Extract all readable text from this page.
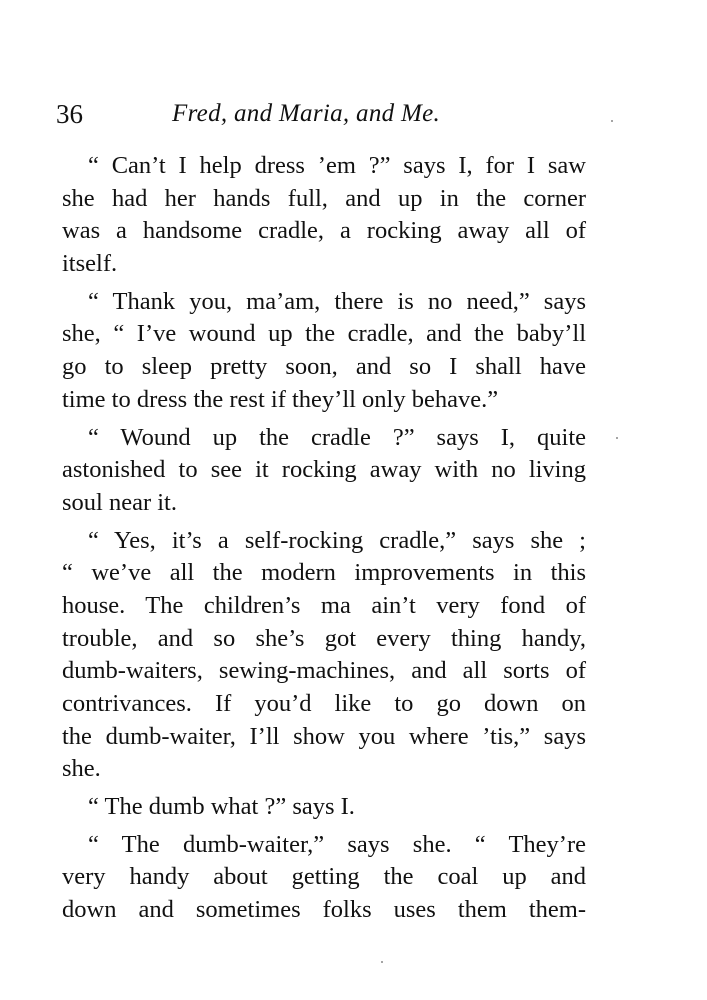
36	Fred, and Maria, and Me.

“ Can’t I help dress ’em ?” says I, for I saw
she had her hands full, and up in the corner
was a handsome cradle, a rocking away all of
itself.

“ Thank you, ma’am, there is no need,” says
she, “ I’ve wound up the cradle, and the baby’ll
go to sleep pretty soon, and so I shall have
time to dress the rest if they’ll only behave.”

“ Wound up the cradle ?” says I, quite
astonished to see it rocking away with no living
soul near it.

“ Yes, it’s a self-rocking cradle,” says she ;
“ we’ve all the modern improvements in this
house. The children’s ma ain’t very fond of
trouble, and so she’s got every thing handy,
dumb-waiters, sewing-machines, and all sorts of
contrivances. If you’d like to go down on
the dumb-waiter, I’ll show you where ’tis,” says
she.

“ The dumb what ?” says I.

“ The dumb-waiter,” says she. “ They’re
very handy about getting the coal up and
down and sometimes folks uses them them-
